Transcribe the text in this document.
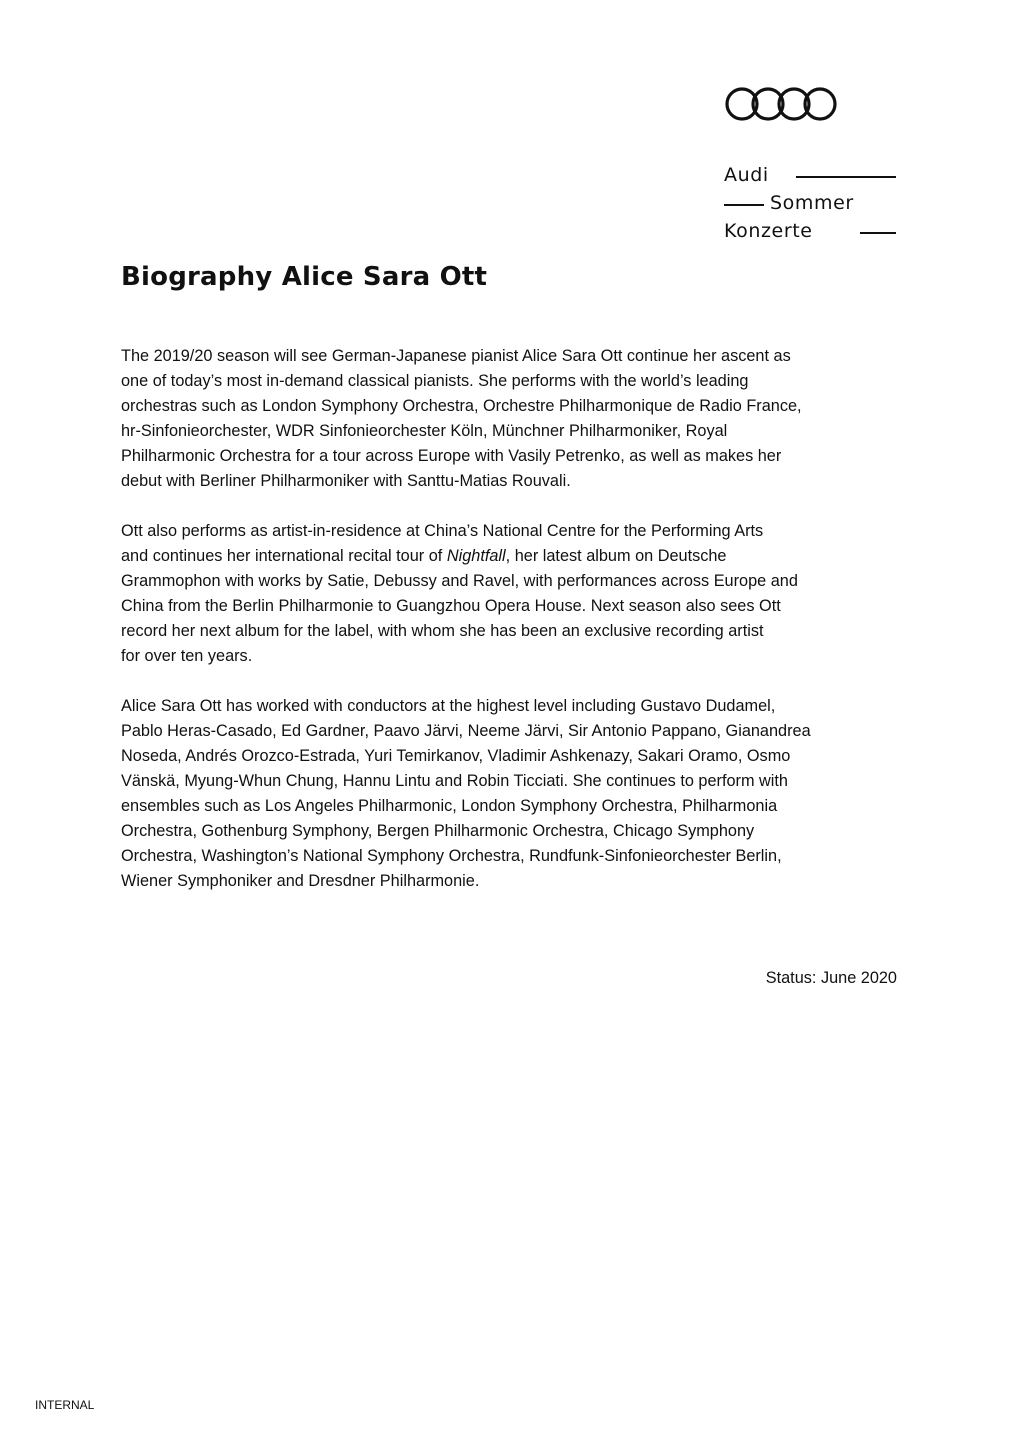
Audi
Sommer
Konzerte
Biography Alice Sara Ott

The 2019/20 season will see German-Japanese pianist Alice Sara Ott continue her ascent as
one of today’s most in-demand classical pianists. She performs with the world’s leading
orchestras such as London Symphony Orchestra, Orchestre Philharmonique de Radio France,
hr-Sinfonieorchester, WDR Sinfonieorchester Köln, Münchner Philharmoniker, Royal
Philharmonic Orchestra for a tour across Europe with Vasily Petrenko, as well as makes her
debut with Berliner Philharmoniker with Santtu-Matias Rouvali.

Ott also performs as artist-in-residence at China’s National Centre for the Performing Arts
and continues her international recital tour of Nightfall, her latest album on Deutsche
Grammophon with works by Satie, Debussy and Ravel, with performances across Europe and
China from the Berlin Philharmonie to Guangzhou Opera House. Next season also sees Ott
record her next album for the label, with whom she has been an exclusive recording artist
for over ten years.

Alice Sara Ott has worked with conductors at the highest level including Gustavo Dudamel,
Pablo Heras-Casado, Ed Gardner, Paavo Järvi, Neeme Järvi, Sir Antonio Pappano, Gianandrea
Noseda, Andrés Orozco-Estrada, Yuri Temirkanov, Vladimir Ashkenazy, Sakari Oramo, Osmo
Vänskä, Myung-Whun Chung, Hannu Lintu and Robin Ticciati. She continues to perform with
ensembles such as Los Angeles Philharmonic, London Symphony Orchestra, Philharmonia
Orchestra, Gothenburg Symphony, Bergen Philharmonic Orchestra, Chicago Symphony
Orchestra, Washington’s National Symphony Orchestra, Rundfunk-Sinfonieorchester Berlin,
Wiener Symphoniker and Dresdner Philharmonie.

Status: June 2020
INTERNAL
